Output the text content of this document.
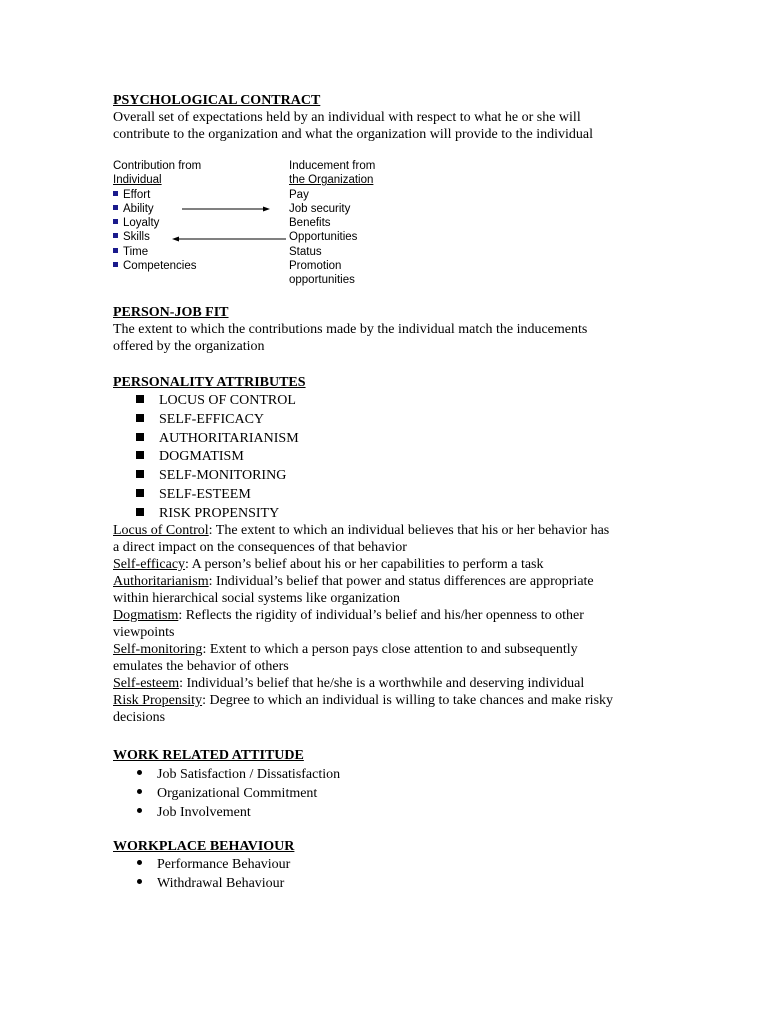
PSYCHOLOGICAL CONTRACT
Overall set of expectations held by an individual with respect to what he or she will
contribute to the organization and what the organization will provide to the individual
Contribution from
Individual
Effort
Ability
Loyalty
Skills
Time
Competencies
Inducement from
the Organization
Pay
Job security
Benefits
Opportunities
Status
Promotion
opportunities
PERSON-JOB FIT
The extent to which the contributions made by the individual match the inducements
offered by the organization
PERSONALITY ATTRIBUTES
LOCUS OF CONTROL
SELF-EFFICACY
AUTHORITARIANISM
DOGMATISM
SELF-MONITORING
SELF-ESTEEM
RISK PROPENSITY
Locus of Control: The extent to which an individual believes that his or her behavior has
a direct impact on the consequences of that behavior
Self-efficacy: A person’s belief about his or her capabilities to perform a task
Authoritarianism: Individual’s belief that power and status differences are appropriate
within hierarchical social systems like organization
Dogmatism: Reflects the rigidity of individual’s belief and his/her openness to other
viewpoints
Self-monitoring: Extent to which a person pays close attention to and subsequently
emulates the behavior of others
Self-esteem: Individual’s belief that he/she is a worthwhile and deserving individual
Risk Propensity: Degree to which an individual is willing to take chances and make risky
decisions
WORK RELATED ATTITUDE
Job Satisfaction / Dissatisfaction
Organizational Commitment
Job Involvement
WORKPLACE BEHAVIOUR
Performance Behaviour
Withdrawal Behaviour
